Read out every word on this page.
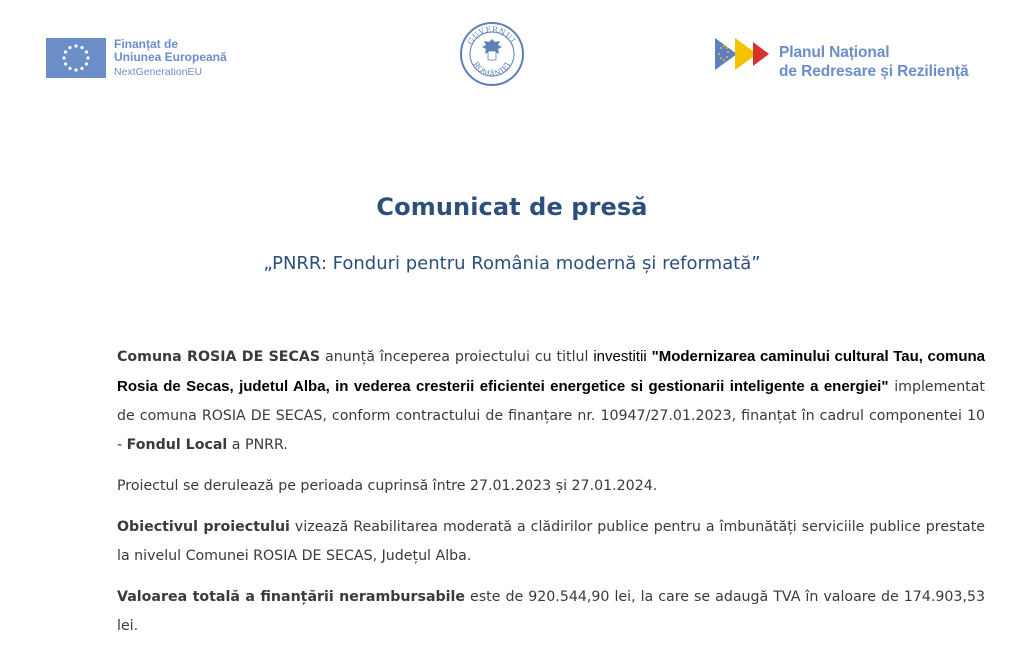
Finanțat de
Uniunea Europeană
NextGenerationEU
GUVERNUL
ROMÂNIEI
Planul Național
de Redresare și Reziliență
Comunicat de presă
„PNRR: Fonduri pentru România modernă și reformată”

Comuna ROSIA DE SECAS anunță începerea proiectului cu titlul investitii "Modernizarea caminului cultural Tau, comuna Rosia de Secas, judetul Alba, in vederea cresterii eficientei energetice si gestionarii inteligente a energiei" implementat de comuna ROSIA DE SECAS, conform contractului de finanțare nr. 10947/27.01.2023, finanțat în cadrul componentei 10 - Fondul Local a PNRR.

Proiectul se derulează pe perioada cuprinsă între 27.01.2023 și 27.01.2024.

Obiectivul proiectului vizează Reabilitarea moderată a clădirilor publice pentru a îmbunătăți serviciile publice prestate la nivelul Comunei ROSIA DE SECAS, Județul Alba.

Valoarea totală a finanțării nerambursabile este de 920.544,90 lei, la care se adaugă TVA în valoare de 174.903,53 lei.
